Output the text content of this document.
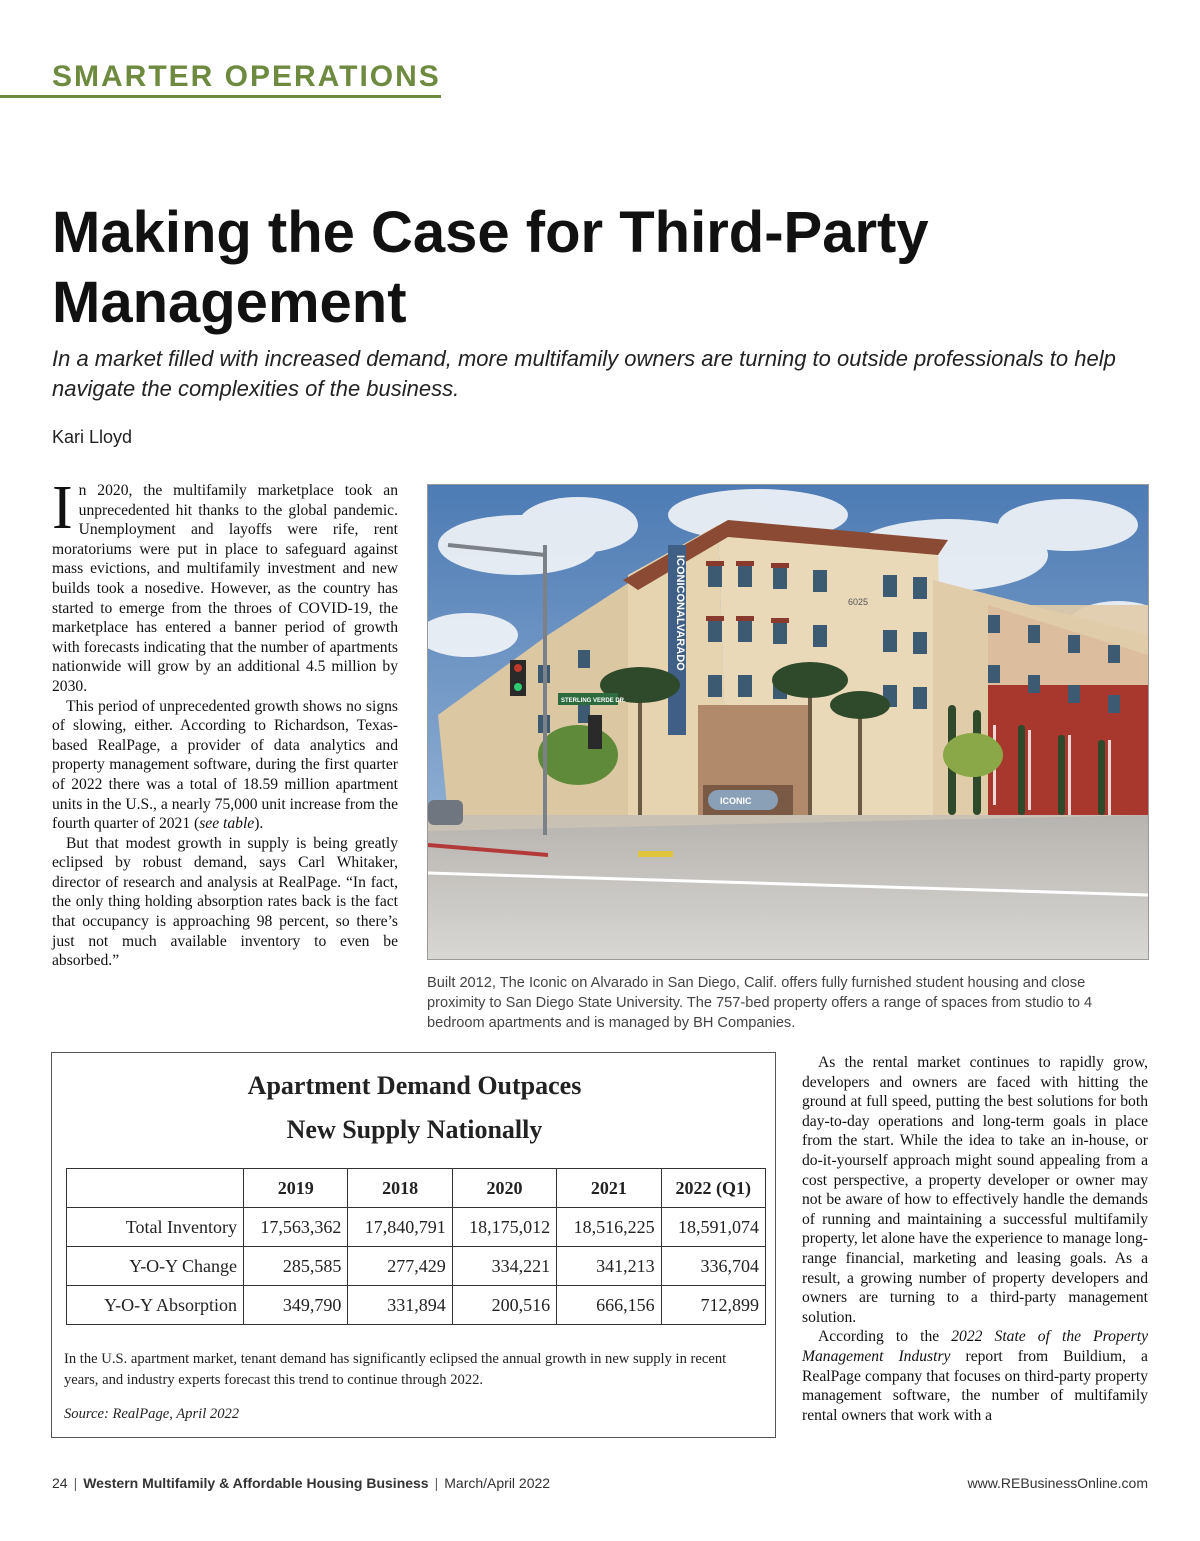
SMARTER OPERATIONS
Making the Case for Third-Party Management

In a market filled with increased demand, more multifamily owners are turning to outside professionals to help navigate the complexities of the business.

Kari Lloyd

In 2020, the multifamily marketplace took an unprecedented hit thanks to the global pandemic. Unemployment and layoffs were rife, rent moratoriums were put in place to safeguard against mass evictions, and multifamily investment and new builds took a nosedive. However, as the country has started to emerge from the throes of COVID-19, the marketplace has entered a banner period of growth with forecasts indicating that the number of apartments nationwide will grow by an additional 4.5 million by 2030.

This period of unprecedented growth shows no signs of slowing, either. According to Richardson, Texas-based RealPage, a provider of data analytics and property management software, during the first quarter of 2022 there was a total of 18.59 million apartment units in the U.S., a nearly 75,000 unit increase from the fourth quarter of 2021 (see table).

But that modest growth in supply is being greatly eclipsed by robust demand, says Carl Whitaker, director of research and analysis at RealPage. “In fact, the only thing holding absorption rates back is the fact that occupancy is approaching 98 percent, so there’s just not much available inventory to even be absorbed.”

ICONICONALVARADO	6025
ICONIC
STERLING VERDE DR.

Built 2012, The Iconic on Alvarado in San Diego, Calif. offers fully furnished student housing and close proximity to San Diego State University. The 757-bed property offers a range of spaces from studio to 4 bedroom apartments and is managed by BH Companies.

Apartment Demand Outpaces
New Supply Nationally
	2019	2018	2020	2021	2022 (Q1)
Total Inventory	17,563,362	17,840,791	18,175,012	18,516,225	18,591,074
Y-O-Y Change	285,585	277,429	334,221	341,213	336,704
Y-O-Y Absorption	349,790	331,894	200,516	666,156	712,899

In the U.S. apartment market, tenant demand has significantly eclipsed the annual growth in new supply in recent years, and industry experts forecast this trend to continue through 2022.

Source: RealPage, April 2022

As the rental market continues to rapidly grow, developers and owners are faced with hitting the ground at full speed, putting the best solutions for both day-to-day operations and long-term goals in place from the start. While the idea to take an in-house, or do-it-yourself approach might sound appealing from a cost perspective, a property developer or owner may not be aware of how to effectively handle the demands of running and maintaining a successful multifamily property, let alone have the experience to manage long-range financial, marketing and leasing goals. As a result, a growing number of property developers and owners are turning to a third-party management solution.

According to the 2022 State of the Property Management Industry report from Buildium, a RealPage company that focuses on third-party property management software, the number of multifamily rental owners that work with a

24 | Western Multifamily & Affordable Housing Business | March/April 2022	www.REBusinessOnline.com
